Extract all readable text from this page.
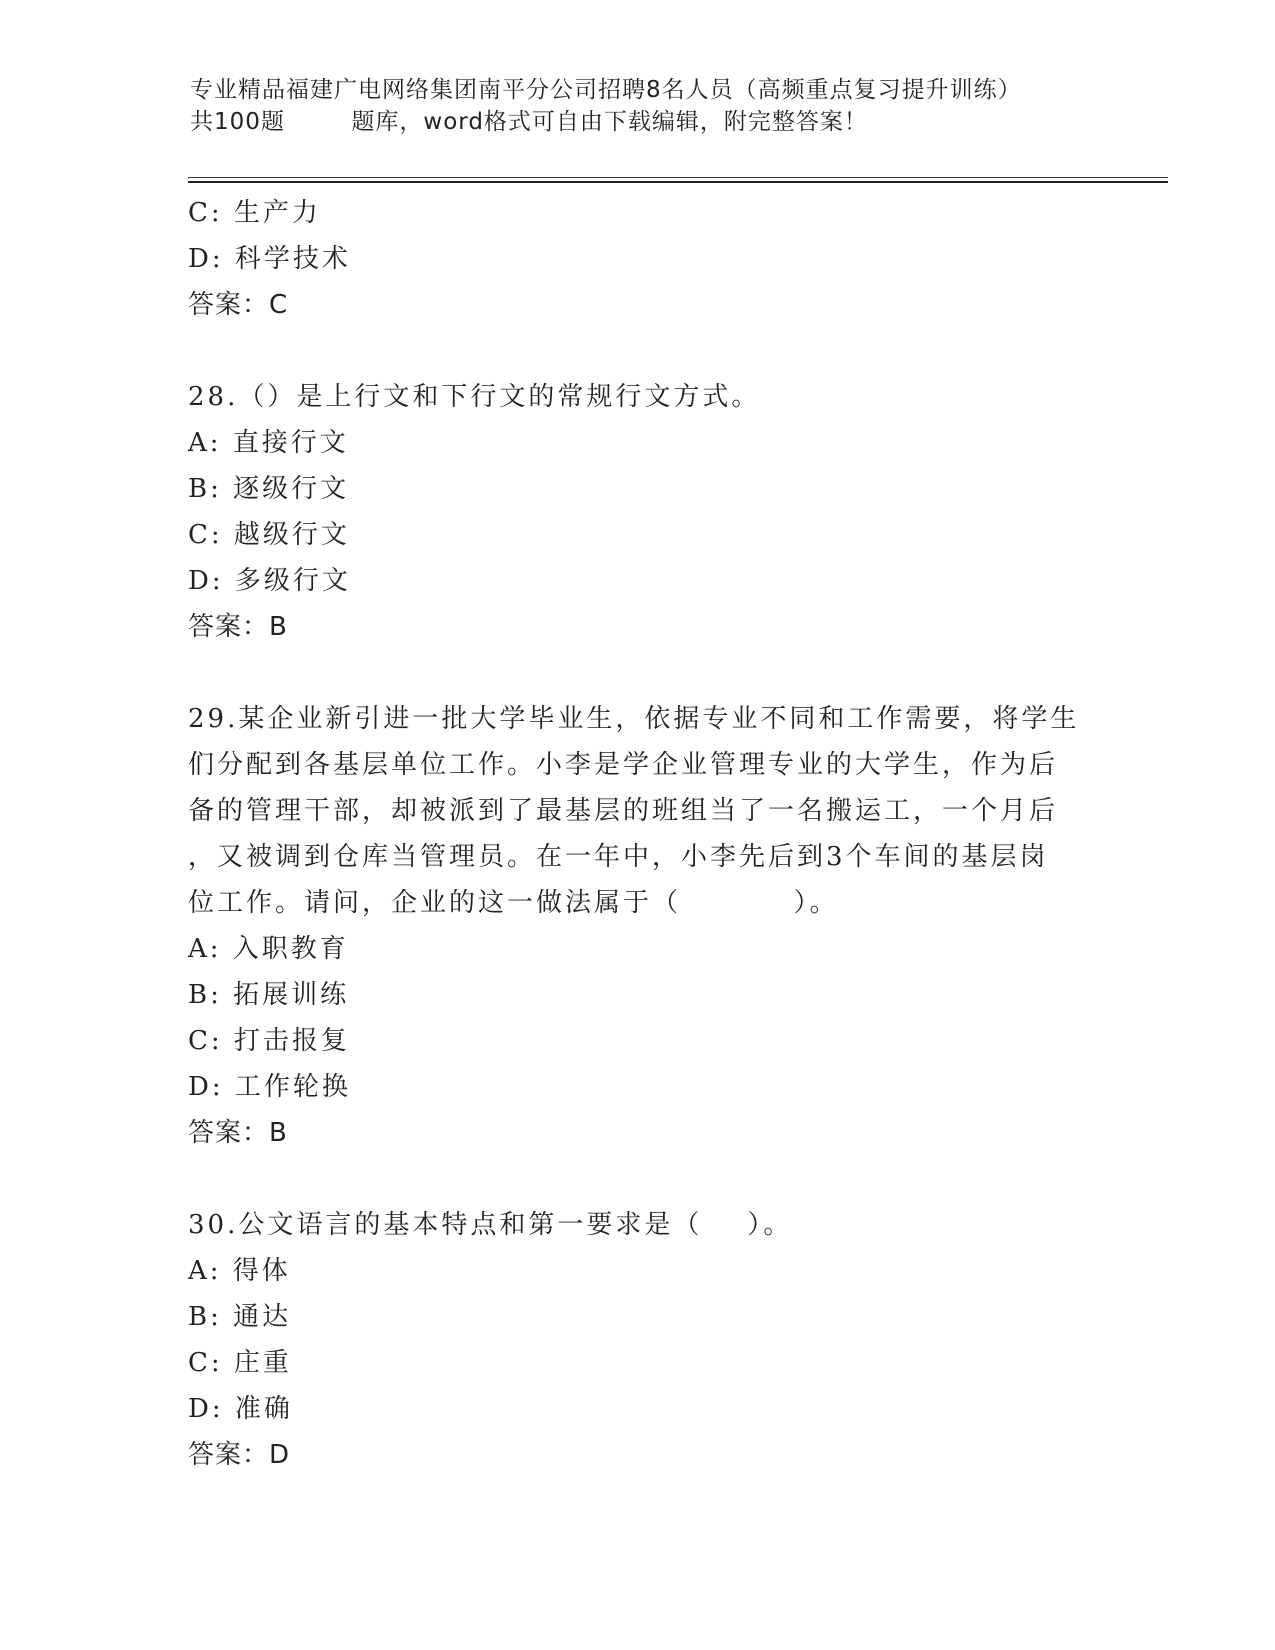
专业精品福建广电网络集团南平分公司招聘8名人员（高频重点复习提升训练）
共100题        题库，word格式可自由下载编辑，附完整答案！
C: 生产力
D: 科学技术
答案：C
28.（）是上行文和下行文的常规行文方式。
A: 直接行文
B: 逐级行文
C: 越级行文
D: 多级行文
答案：B
29.某企业新引进一批大学毕业生，依据专业不同和工作需要，将学生
们分配到各基层单位工作。小李是学企业管理专业的大学生，作为后
备的管理干部，却被派到了最基层的班组当了一名搬运工，一个月后
，又被调到仓库当管理员。在一年中，小李先后到3个车间的基层岗
位工作。请问，企业的这一做法属于（          ）。
A: 入职教育
B: 拓展训练
C: 打击报复
D: 工作轮换
答案：B
30.公文语言的基本特点和第一要求是（    ）。
A: 得体
B: 通达
C: 庄重
D: 准确
答案：D
